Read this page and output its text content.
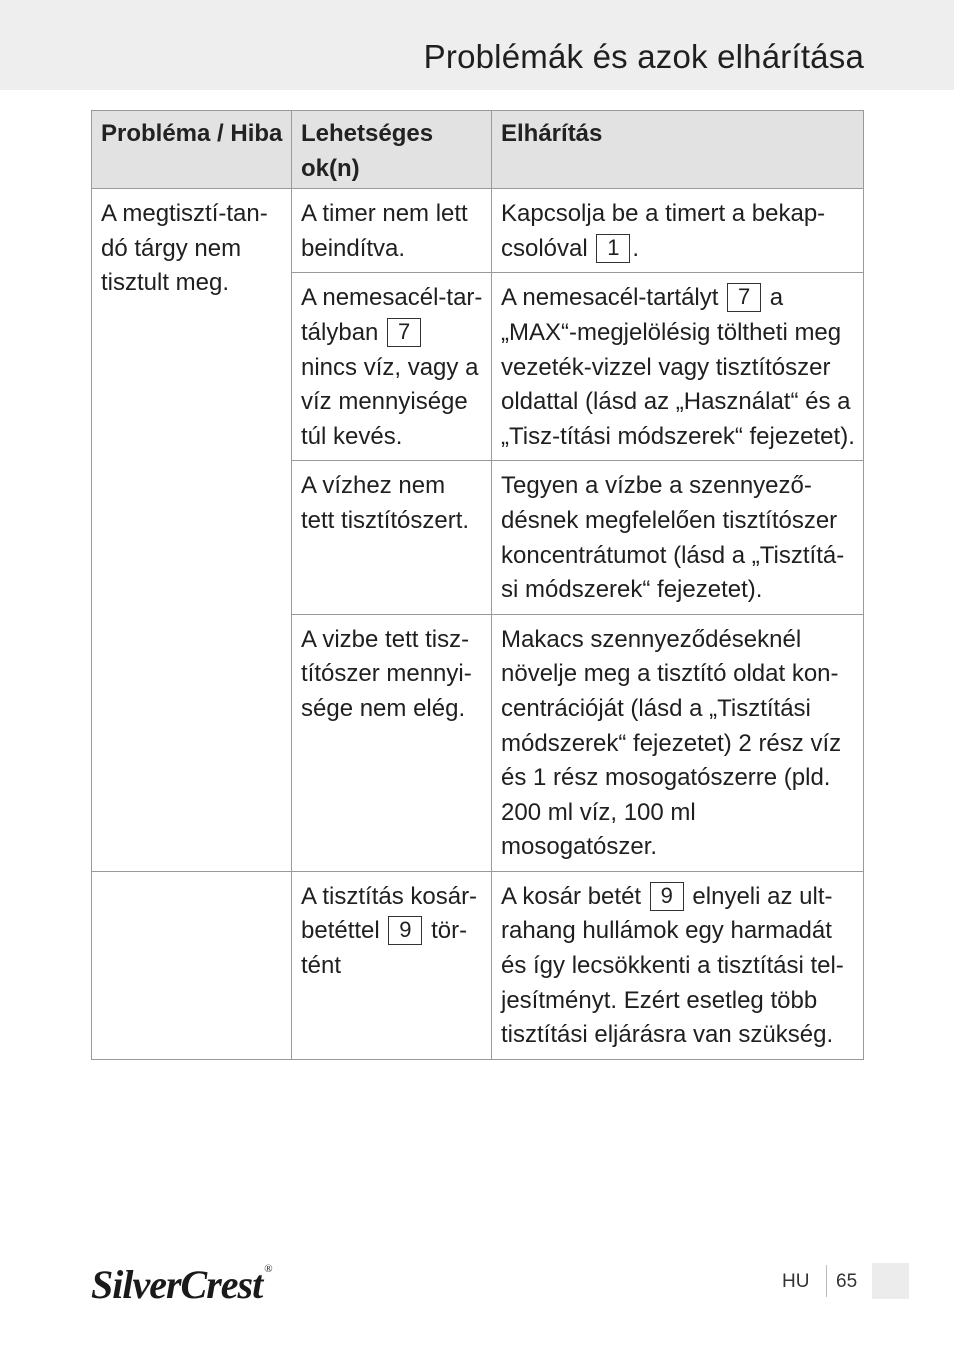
Problémák és azok elhárítása
Probléma / Hiba	Lehetséges ok(n)	Elhárítás
A megtisztí-tan-dó tárgy nem tisztult meg.	A timer nem lett beindítva.	Kapcsolja be a timert a bekap-csolóval 1 .
	A nemesacél-tar-tályban 7 nincs víz, vagy a víz mennyisége túl kevés.	A nemesacél-tartályt 7 a „MAX“-megjelölésig töltheti meg vezeték-vizzel vagy tisztítószer oldattal (lásd az „Használat“ és a „Tisz-títási módszerek“ fejezetet).
	A vízhez nem tett tisztítószert.	Tegyen a vízbe a szennyező-désnek megfelelően tisztítószer koncentrátumot (lásd a „Tisztítá-si módszerek“ fejezetet).
	A vizbe tett tisz-títószer mennyi-sége nem elég.	Makacs szennyeződéseknél növelje meg a tisztító oldat kon-centrációját (lásd a „Tisztítási módszerek“ fejezetet) 2 rész víz és 1 rész mosogatószerre (pld. 200 ml víz, 100 ml mosogatószer.
	A tisztítás kosár-betéttel 9 tör-tént	A kosár betét 9 elnyeli az ult-rahang hullámok egy harmadát és így lecsökkenti a tisztítási tel-jesítményt. Ezért esetleg több tisztítási eljárásra van szükség.
SilverCrest ®
HU 65
